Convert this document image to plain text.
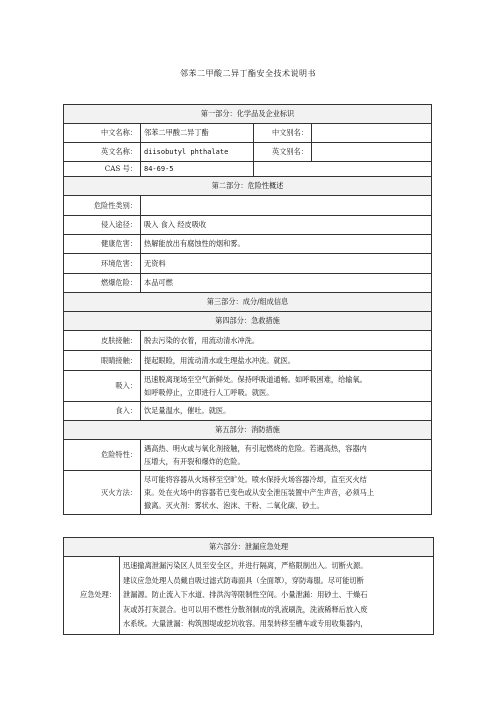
邻苯二甲酸二异丁酯安全技术说明书
第一部分：化学品及企业标识			
中文名称：	邻苯二甲酸二异丁酯	中文别名：	
英文名称：	diisobutyl phthalate	英文别名：	
CAS 号：	84-69-5		
第二部分：危险性概述			
危险性类别：			
侵入途径：	吸入 食入 经皮吸收		
健康危害：	热解能放出有腐蚀性的烟和雾。		
环境危害：	无资料		
燃爆危险：	本品可燃		
第三部分：成分/组成信息			
第四部分：急救措施			
皮肤接触：	脱去污染的衣着，用流动清水冲洗。		
眼睛接触：	提起眼睑，用流动清水或生理盐水冲洗。就医。		
吸入：	迅速脱离现场至空气新鲜处。保持呼吸道通畅。如呼吸困难，给输氧。
如呼吸停止，立即进行人工呼吸。就医。		

食入：	饮足量温水，催吐。就医。		
第五部分：消防措施			
危险特性：	遇高热、明火或与氧化剂接触，有引起燃烧的危险。若遇高热，容器内
压增大，有开裂和爆炸的危险。		

灭火方法：	尽可能将容器从火场移至空旷处。喷水保持火场容器冷却，直至灭火结
束。处在火场中的容器若已变色或从安全泄压装置中产生声音，必须马上
撤离。灭火剂：雾状水、泡沫、干粉、二氧化碳、砂土。		
第六部分：泄漏应急处理
应急处理：	
迅速撤离泄漏污染区人员至安全区，并进行隔离，严格限制出入。切断火源。
建议应急处理人员戴自吸过滤式防毒面具（全面罩），穿防毒服。尽可能切断
泄漏源。防止流入下水道、排洪沟等限制性空间。小量泄漏：用砂土、干燥石
灰或苏打灰混合。也可以用不燃性分散剂制成的乳液刷洗，洗液稀释后放入废
水系统。大量泄漏：构筑围堤或挖坑收容。用泵转移至槽车或专用收集器内，
